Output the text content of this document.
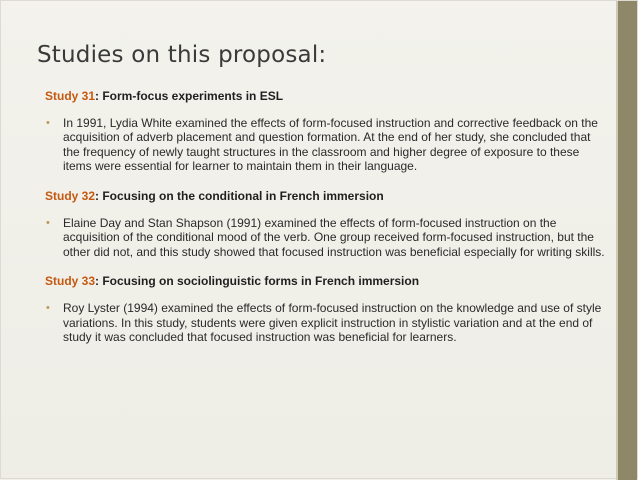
Studies on this proposal:

Study 31: Form-focus experiments in ESL

• In 1991, Lydia White examined the effects of form-focused instruction and corrective feedback on the acquisition of adverb placement and question formation. At the end of her study, she concluded that the frequency of newly taught structures in the classroom and higher degree of exposure to these items were essential for learner to maintain them in their language.

Study 32: Focusing on the conditional in French immersion

• Elaine Day and Stan Shapson (1991) examined the effects of form-focused instruction on the acquisition of the conditional mood of the verb. One group received form-focused instruction, but the other did not, and this study showed that focused instruction was beneficial especially for writing skills.

Study 33: Focusing on sociolinguistic forms in French immersion

• Roy Lyster (1994) examined the effects of form-focused instruction on the knowledge and use of style variations. In this study, students were given explicit instruction in stylistic variation and at the end of study it was concluded that focused instruction was beneficial for learners.
